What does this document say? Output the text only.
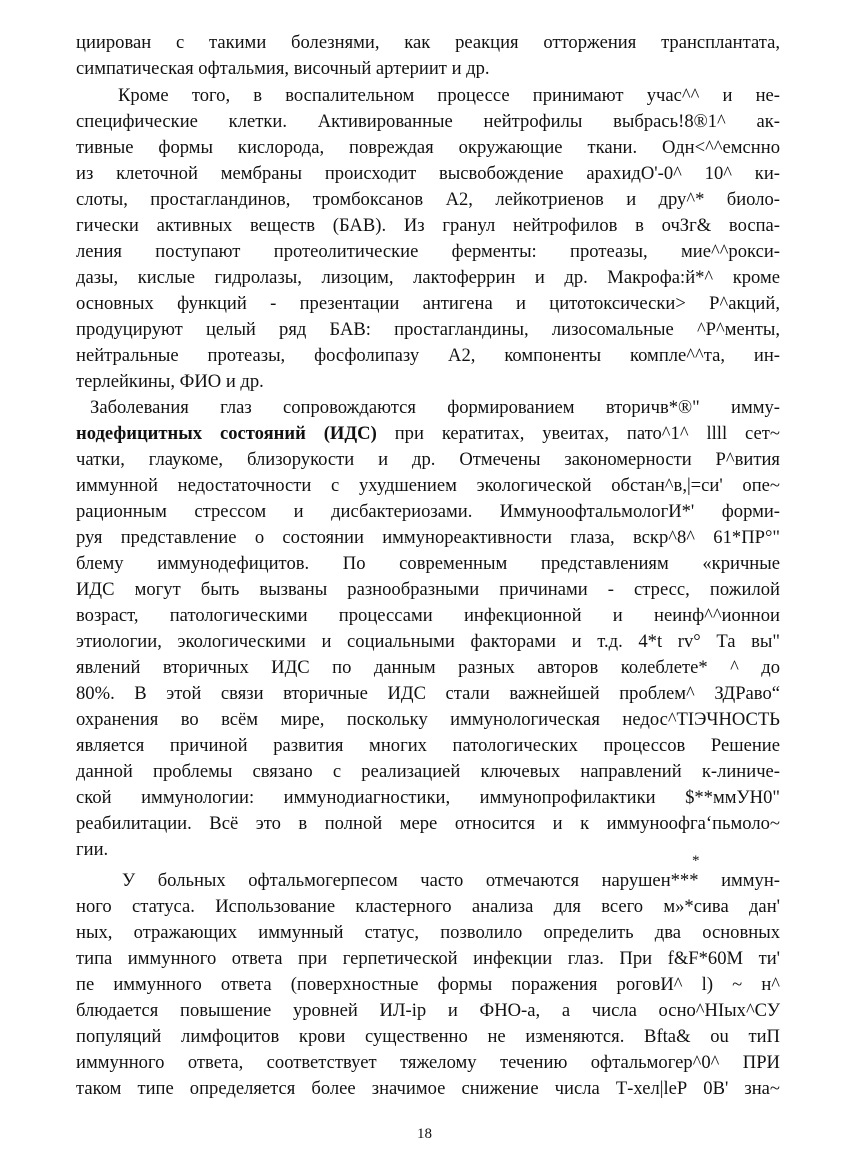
циирован с такими болезнями, как реакция отторжения трансплантата,
симпатическая офтальмия, височный артериит и др.
Кроме того, в воспалительном процессе принимают учас^^ и не-
специфические клетки. Активированные нейтрофилы выбрась!8®1^ ак-
тивные формы кислорода, повреждая окружающие ткани. Одн<^^емснно
из клеточной мембраны происходит высвобождение арахидО'-0^ 10^ ки-
слоты, простагландинов, тромбоксанов А2, лейкотриенов и дру^* биоло-
гически активных веществ (БАВ). Из гранул нейтрофилов в очЗг& воспа-
ления поступают протеолитические ферменты: протеазы, мие^^рокси-
дазы, кислые гидролазы, лизоцим, лактоферрин и др. Макрофа:й*^ кроме
основных функций - презентации антигена и цитотоксически> Р^акций,
продуцируют целый ряд БАВ: простагландины, лизосомальные ^Р^менты,
нейтральные протеазы, фосфолипазу А2, компоненты компле^^та, ин-
терлейкины, ФИО и др.
Заболевания глаз сопровождаются формированием вторичв*®" имму-
нодефицитных состояний (ИДС) при кератитах, увеитах, пато^1^ llll сет~
чатки, глаукоме, близорукости и др. Отмечены закономерности Р^вития
иммунной недостаточности с ухудшением экологической обстан^в,|=си' опе~
рационным стрессом и дисбактериозами. ИммуноофтальмологИ*' форми-
руя представление о состоянии иммунореактивности глаза, вскр^8^ 61*ПР°"
блему иммунодефицитов. По современным представлениям «кричные
ИДС могут быть вызваны разнообразными причинами - стресс, пожилой
возраст, патологическими процессами инфекционной и неинф^^ионнои
этиологии, экологическими и социальными факторами и т.д. 4*t rv° Та вы"
явлений вторичных ИДС по данным разных авторов колеблете* ^ до
80%. В этой связи вторичные ИДС стали важнейшей проблем^ ЗДРаво“
охранения во всём мире, поскольку иммунологическая недос^ТIЭЧНОСТЬ
является причиной развития многих патологических процессов Решение
данной проблемы связано с реализацией ключевых направлений к-линиче-
ской иммунологии: иммунодиагностики, иммунопрофилактики $**ммУН0"
реабилитации. Всё это в полной мере относится и к иммуноофга‘пьмоло~
гии.
*
У больных офтальмогерпесом часто отмечаются нарушен*** иммун-
ного статуса. Использование кластерного анализа для всего м»*сива дан'
ных, отражающих иммунный статус, позволило определить два основных
типа иммунного ответа при герпетической инфекции глаз. При f&F*60M ти'
пе иммунного ответа (поверхностные формы поражения роговИ^ l) ~ н^
блюдается повышение уровней ИЛ-iр и ФНО-а, а числа осно^НIых^СУ
популяций лимфоцитов крови существенно не изменяются. Bfta& ou тиП
иммунного ответа, соответствует тяжелому течению офтальмогер^0^ ПРИ
таком типе определяется более значимое снижение числа Т-хел|leР 0В' зна~
18
